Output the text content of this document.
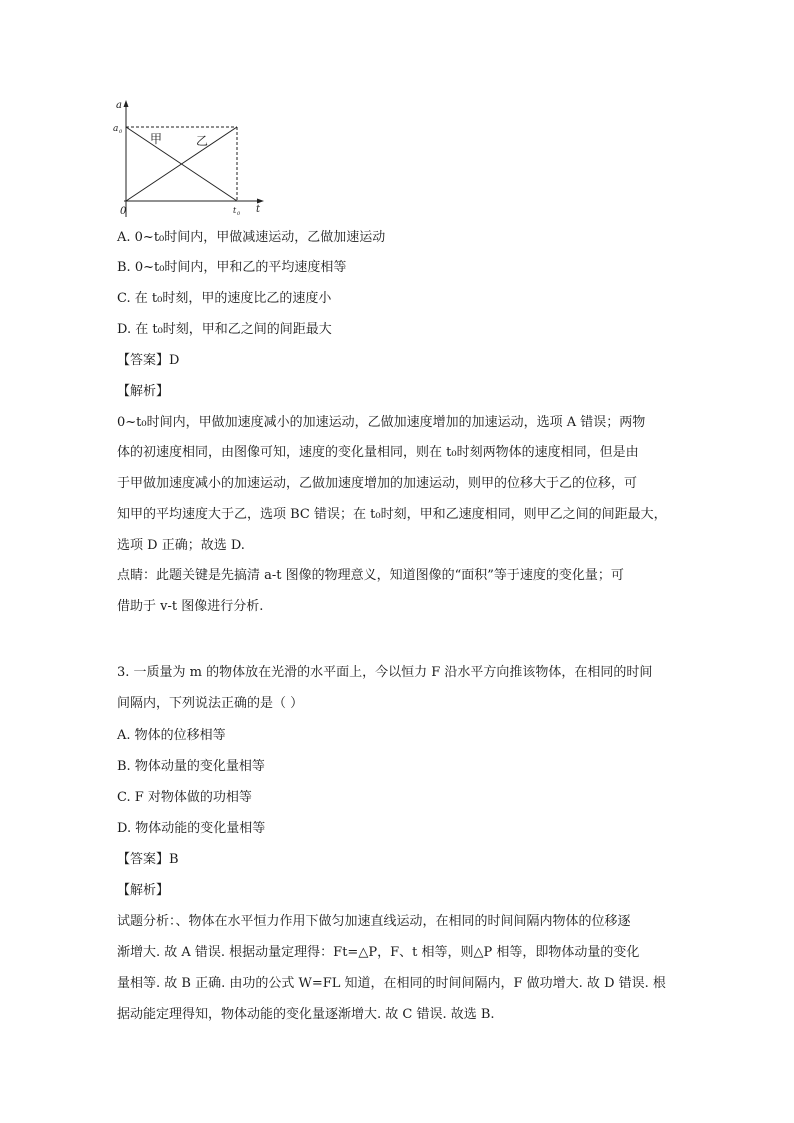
a
a 0 甲	乙
0	t 0 t
A. 0~t₀时间内，甲做减速运动，乙做加速运动
B. 0~t₀时间内，甲和乙的平均速度相等
C. 在 t₀时刻，甲的速度比乙的速度小
D. 在 t₀时刻，甲和乙之间的间距最大
【答案】D
【解析】
0~t₀时间内，甲做加速度减小的加速运动，乙做加速度增加的加速运动，选项 A 错误；两物
体的初速度相同，由图像可知，速度的变化量相同，则在 t₀时刻两物体的速度相同，但是由
于甲做加速度减小的加速运动，乙做加速度增加的加速运动，则甲的位移大于乙的位移，可
知甲的平均速度大于乙，选项 BC 错误；在 t₀时刻，甲和乙速度相同，则甲乙之间的间距最大，
选项 D 正确；故选 D.
点睛：此题关键是先搞清 a-t 图像的物理意义，知道图像的“面积”等于速度的变化量；可
借助于 v-t 图像进行分析.
3. 一质量为 m 的物体放在光滑的水平面上，今以恒力 F 沿水平方向推该物体，在相同的时间
间隔内，下列说法正确的是（ ）
A. 物体的位移相等
B. 物体动量的变化量相等
C. F 对物体做的功相等
D. 物体动能的变化量相等
【答案】B
【解析】
试题分析：、物体在水平恒力作用下做匀加速直线运动，在相同的时间间隔内物体的位移逐
渐增大. 故 A 错误. 根据动量定理得：Ft=△P，F、t 相等，则△P 相等，即物体动量的变化
量相等. 故 B 正确. 由功的公式 W=FL 知道，在相同的时间间隔内，F 做功增大. 故 D 错误. 根
据动能定理得知，物体动能的变化量逐渐增大. 故 C 错误. 故选 B.
